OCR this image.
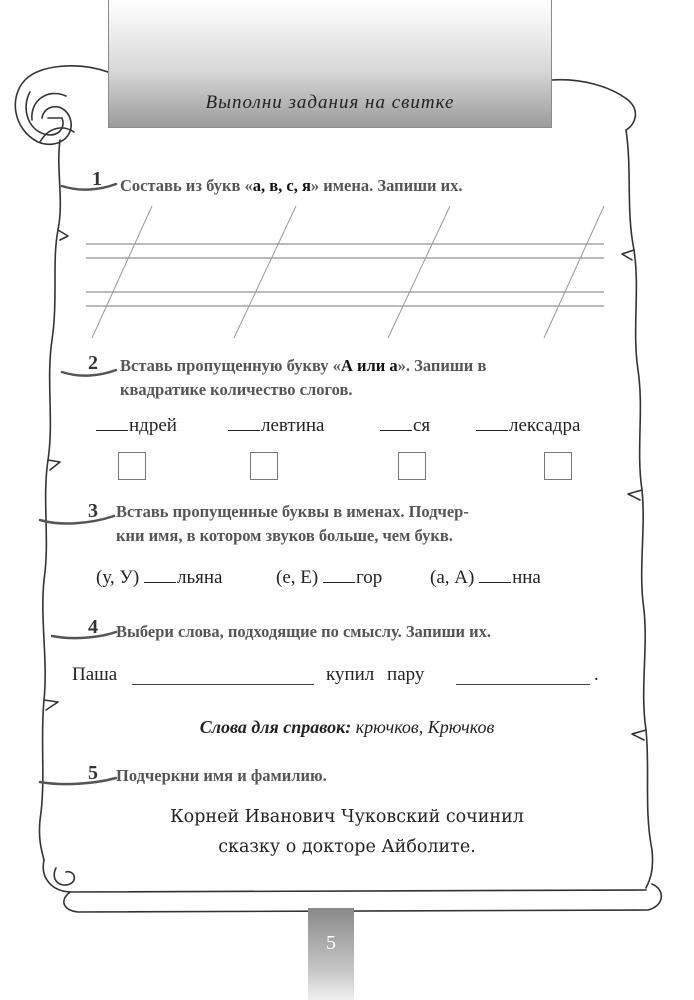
Выполни задания на свитке
1 Составь из букв «а, в, с, я» имена. Запиши их.
2 Вставь пропущенную букву «А или а». Запиши в
квадратике количество слогов.
ндрей	левтина	ся	лексадра
3 Вставь пропущенные буквы в именах. Подчер-
кни имя, в котором звуков больше, чем букв.
(у, У) льяна	(е, Е) гор	(а, А) нна
4 Выбери слова, подходящие по смыслу. Запиши их.
Паша	купил пару	.
Слова для справок: крючков, Крючков
5 Подчеркни имя и фамилию.
Корней Иванович Чуковский сочинил
сказку о докторе Айболите.
5
